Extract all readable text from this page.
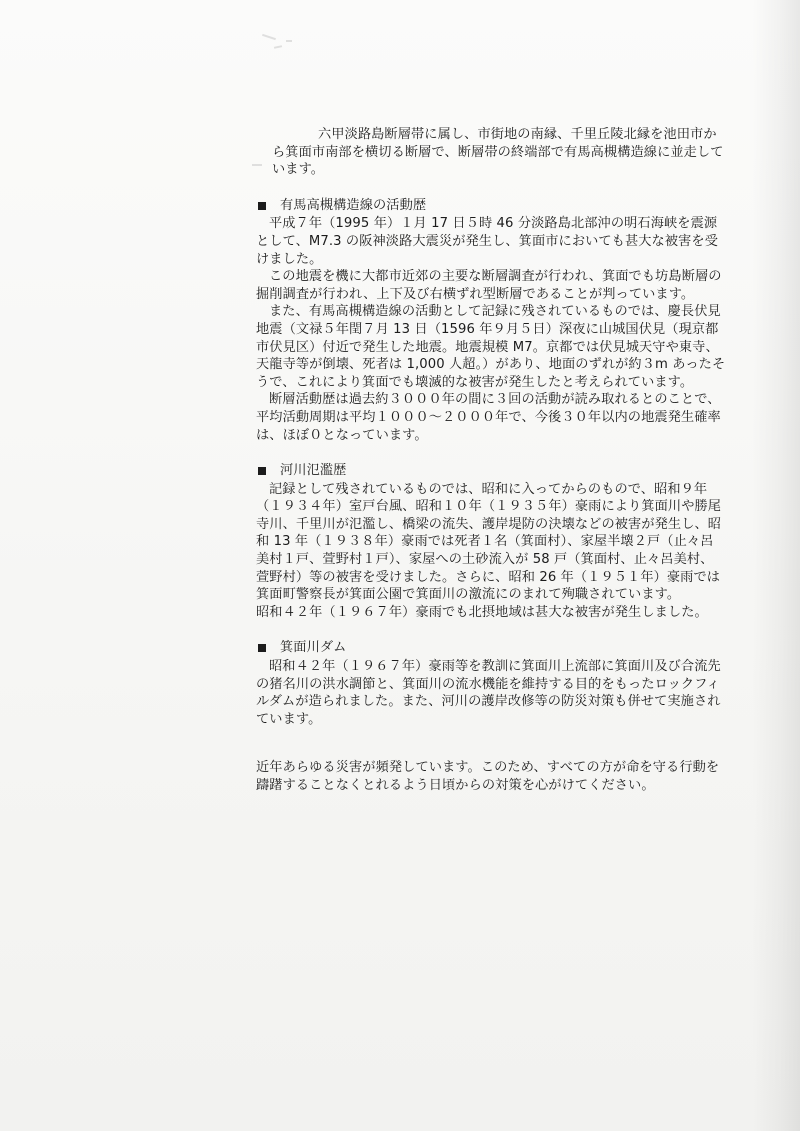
六甲淡路島断層帯に属し、市街地の南縁、千里丘陵北縁を池田市から箕面市南部を横切る断層で、断層帯の終端部で有馬高槻構造線に並走しています。

有馬高槻構造線の活動歴

平成７年（1995 年）１月 17 日５時 46 分淡路島北部沖の明石海峡を震源として、M7.3 の阪神淡路大震災が発生し、箕面市においても甚大な被害を受けました。

この地震を機に大都市近郊の主要な断層調査が行われ、箕面でも坊島断層の掘削調査が行われ、上下及び右横ずれ型断層であることが判っています。

また、有馬高槻構造線の活動として記録に残されているものでは、慶長伏見地震（文禄５年閏７月 13 日（1596 年９月５日）深夜に山城国伏見（現京都市伏見区）付近で発生した地震。地震規模 M7。京都では伏見城天守や東寺、天龍寺等が倒壊、死者は 1,000 人超。）があり、地面のずれが約３m あったそうで、これにより箕面でも壊滅的な被害が発生したと考えられています。

断層活動歴は過去約３０００年の間に３回の活動が読み取れるとのことで、平均活動周期は平均１０００～２０００年で、今後３０年以内の地震発生確率は、ほぼ０となっています。

河川氾濫歴

記録として残されているものでは、昭和に入ってからのもので、昭和９年（１９３４年）室戸台風、昭和１０年（１９３５年）豪雨により箕面川や勝尾寺川、千里川が氾濫し、橋梁の流失、護岸堤防の決壊などの被害が発生し、昭和 13 年（１９３８年）豪雨では死者１名（箕面村）、家屋半壊２戸（止々呂美村１戸、萱野村１戸）、家屋への土砂流入が 58 戸（箕面村、止々呂美村、萱野村）等の被害を受けました。さらに、昭和 26 年（１９５１年）豪雨では箕面町警察長が箕面公園で箕面川の激流にのまれて殉職されています。

昭和４２年（１９６７年）豪雨でも北摂地域は甚大な被害が発生しました。

箕面川ダム

昭和４２年（１９６７年）豪雨等を教訓に箕面川上流部に箕面川及び合流先の猪名川の洪水調節と、箕面川の流水機能を維持する目的をもったロックフィルダムが造られました。また、河川の護岸改修等の防災対策も併せて実施されています。

近年あらゆる災害が頻発しています。このため、すべての方が命を守る行動を躊躇することなくとれるよう日頃からの対策を心がけてください。
